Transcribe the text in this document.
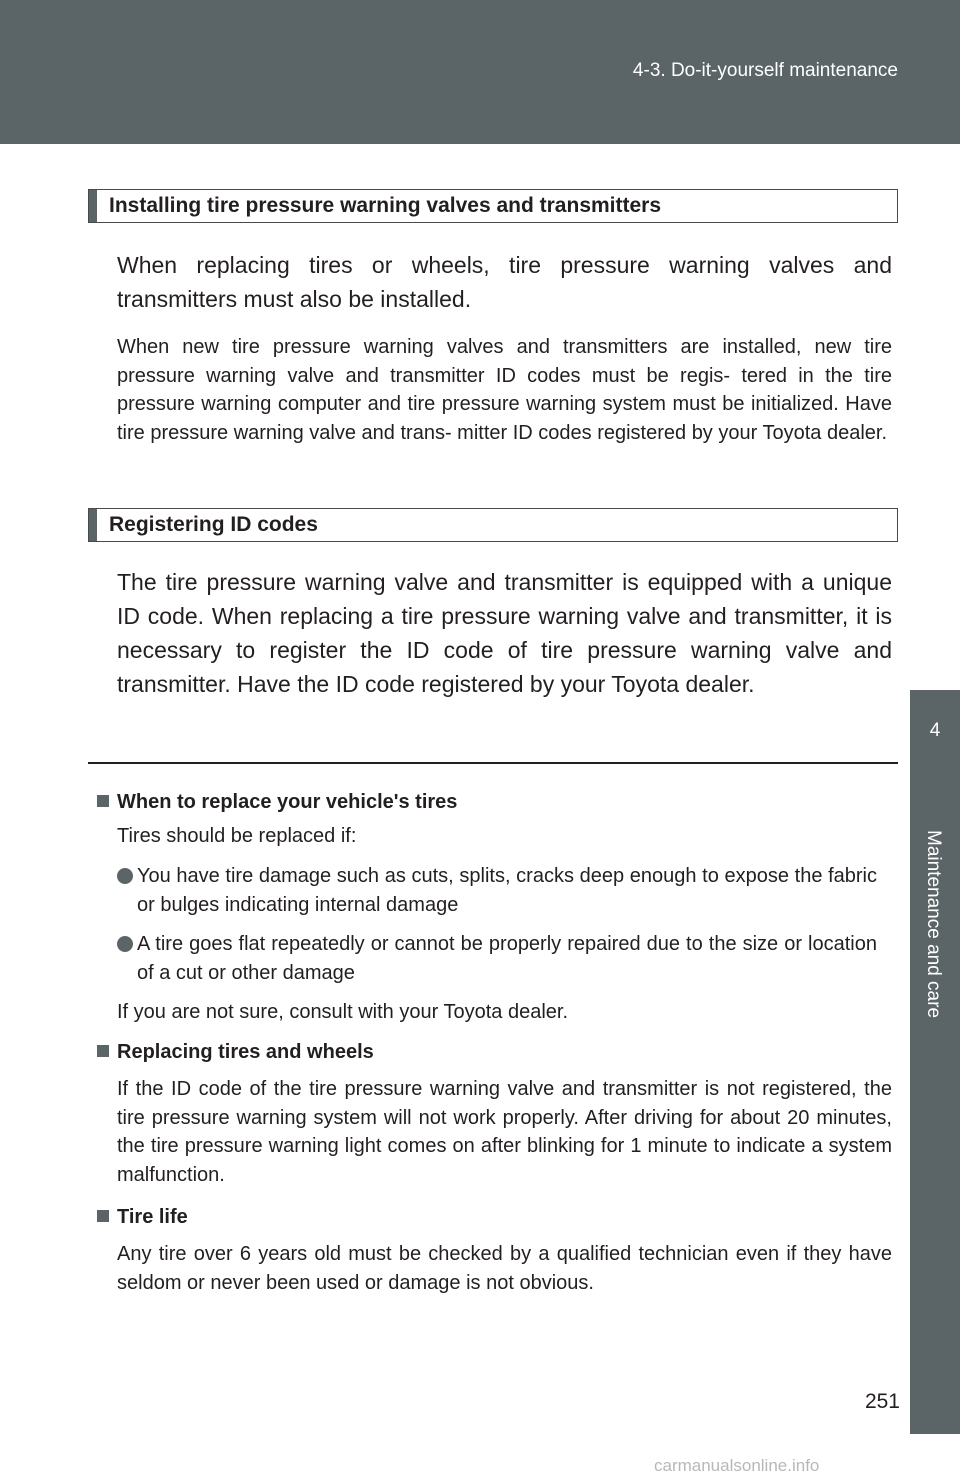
4-3. Do-it-yourself maintenance
4
Maintenance and care
Installing tire pressure warning valves and transmitters
When replacing tires or wheels, tire pressure warning valves and transmitters must also be installed.
When new tire pressure warning valves and transmitters are installed, new tire pressure warning valve and transmitter ID codes must be regis- tered in the tire pressure warning computer and tire pressure warning system must be initialized. Have tire pressure warning valve and trans- mitter ID codes registered by your Toyota dealer.
Registering ID codes
The tire pressure warning valve and transmitter is equipped with a unique ID code. When replacing a tire pressure warning valve and transmitter, it is necessary to register the ID code of tire pressure warning valve and transmitter. Have the ID code registered by your Toyota dealer.
When to replace your vehicle's tires
Tires should be replaced if:
You have tire damage such as cuts, splits, cracks deep enough to expose the fabric or bulges indicating internal damage
A tire goes flat repeatedly or cannot be properly repaired due to the size or location of a cut or other damage
If you are not sure, consult with your Toyota dealer.
Replacing tires and wheels
If the ID code of the tire pressure warning valve and transmitter is not registered, the tire pressure warning system will not work properly. After driving for about 20 minutes, the tire pressure warning light comes on after blinking for 1 minute to indicate a system malfunction.
Tire life
Any tire over 6 years old must be checked by a qualified technician even if they have seldom or never been used or damage is not obvious.
251
carmanualsonline.info
